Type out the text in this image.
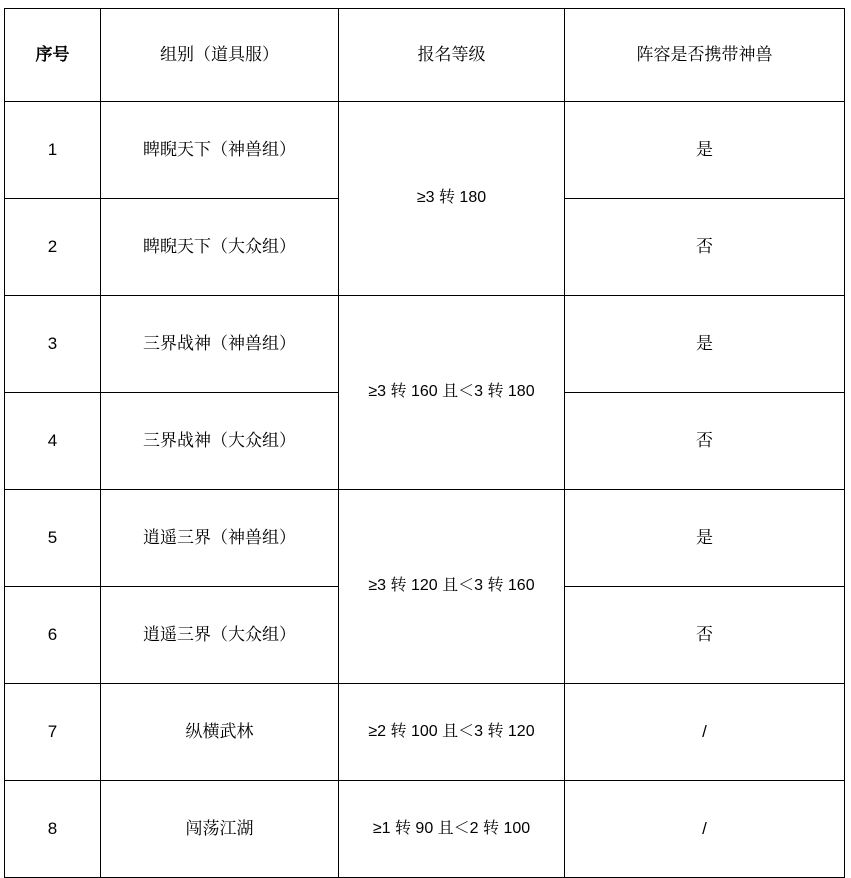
序号	组别（道具服）	报名等级	阵容是否携带神兽
1	睥睨天下（神兽组）	≥3 转 180	是
2	睥睨天下（大众组）		否
3	三界战神（神兽组）	≥3 转 160 且＜3 转 180	是
4	三界战神（大众组）		否
5	逍遥三界（神兽组）	≥3 转 120 且＜3 转 160	是
6	逍遥三界（大众组）		否
7	纵横武林	≥2 转 100 且＜3 转 120	/
8	闯荡江湖	≥1 转 90 且＜2 转 100	/
